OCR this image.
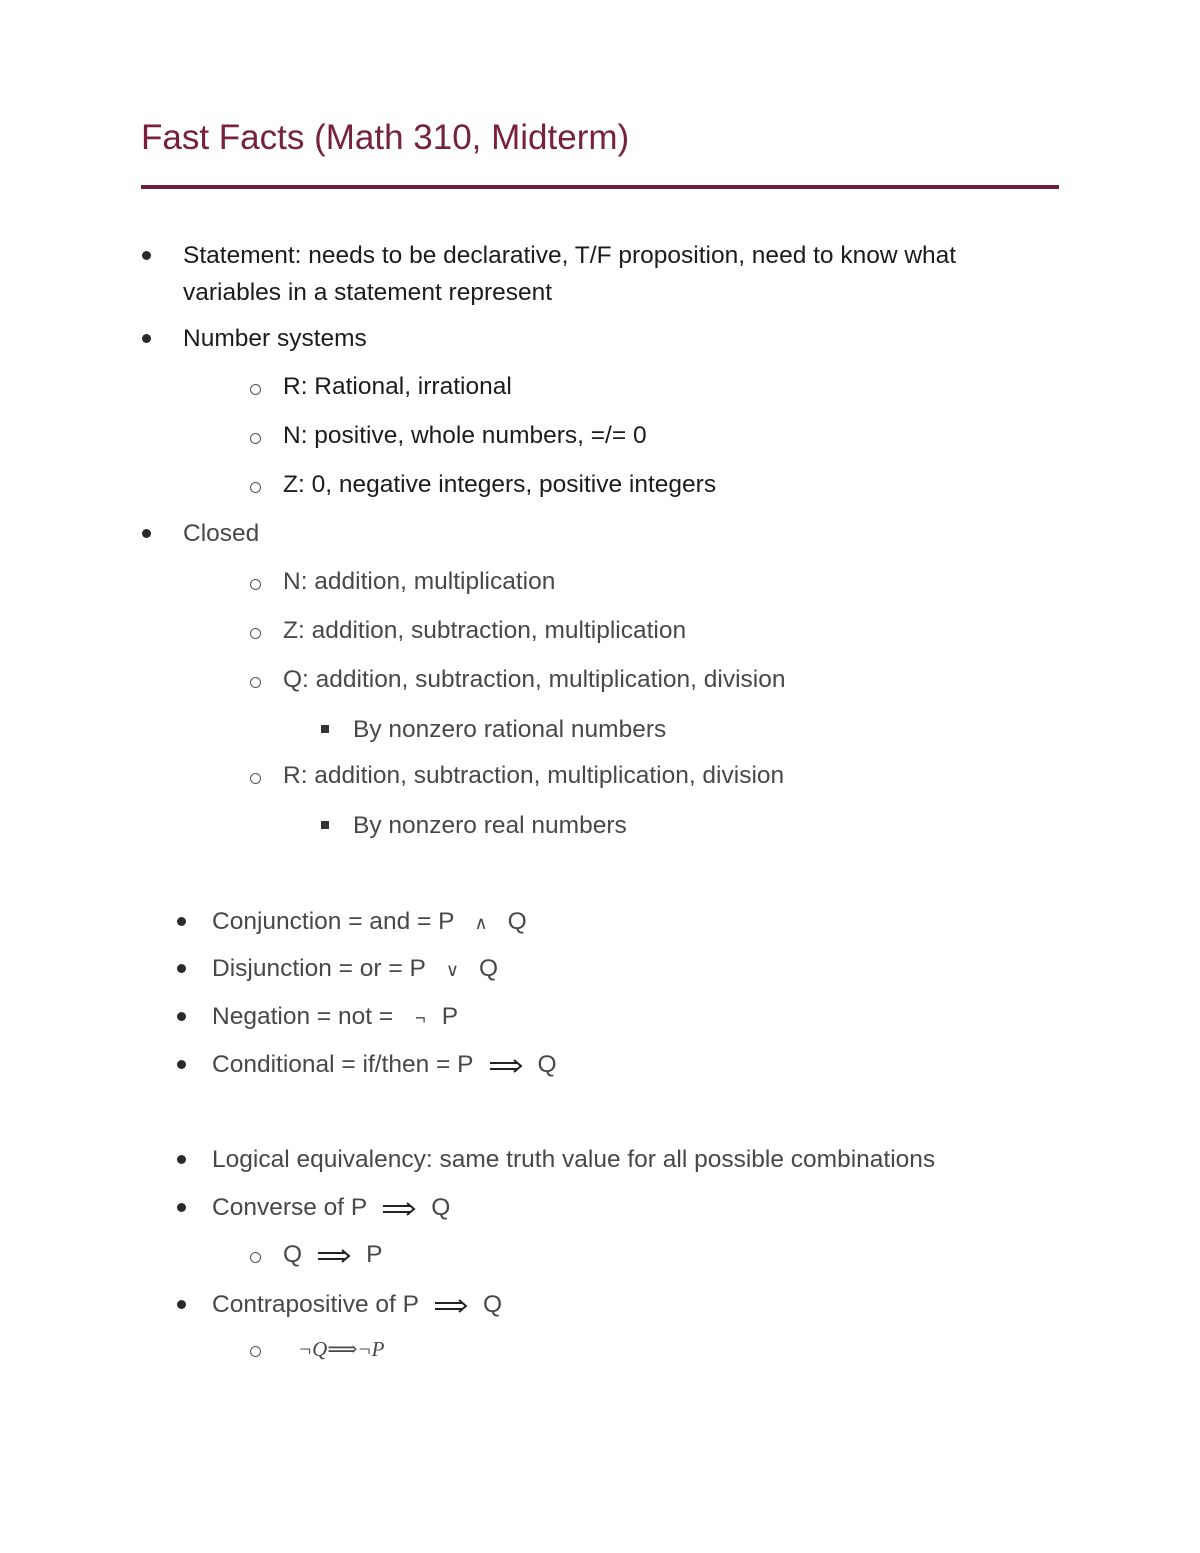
Fast Facts (Math 310, Midterm)
Statement: needs to be declarative, T/F proposition, need to know what
variables in a statement represent
Number systems
R: Rational, irrational
N: positive, whole numbers, =/= 0
Z: 0, negative integers, positive integers
Closed
N: addition, multiplication
Z: addition, subtraction, multiplication
Q: addition, subtraction, multiplication, division
By nonzero rational numbers
R: addition, subtraction, multiplication, division
By nonzero real numbers
Conjunction = and = P ∧ Q
Disjunction = or = P ∨ Q
Negation = not = ¬ P
Conditional = if/then = P	Q
Logical equivalency: same truth value for all possible combinations
Converse of P	Q
Q	P
Contrapositive of P	Q
¬Q⟹¬P
